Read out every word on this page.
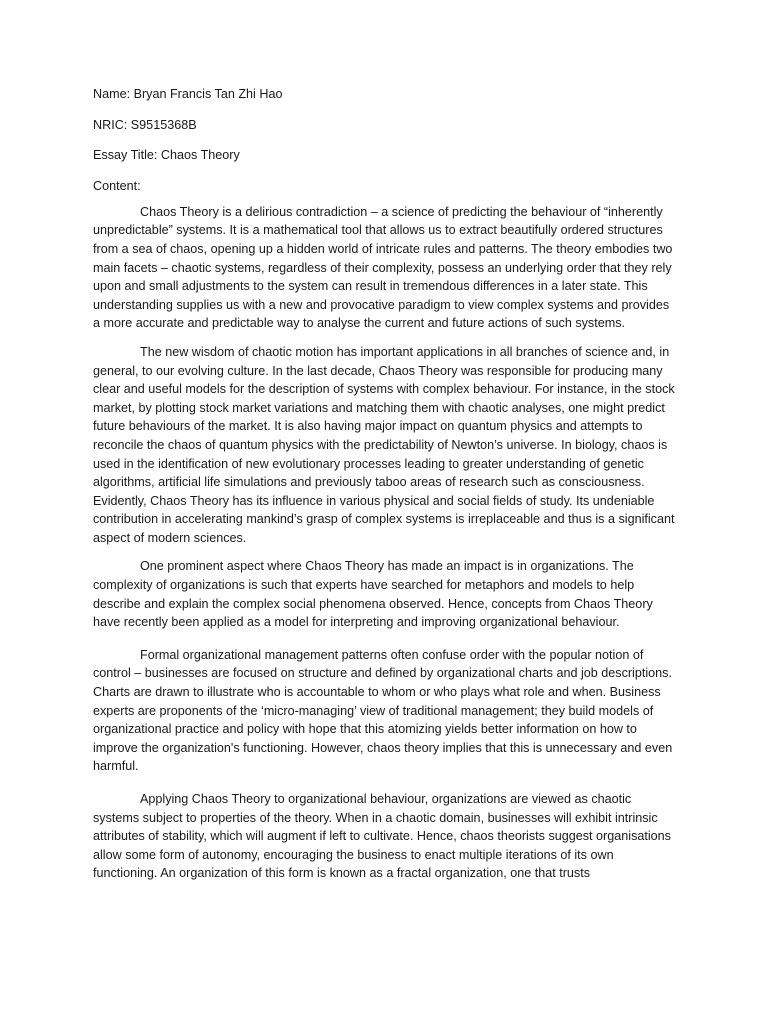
Name: Bryan Francis Tan Zhi Hao
NRIC: S9515368B
Essay Title: Chaos Theory
Content:

Chaos Theory is a delirious contradiction – a science of predicting the behaviour of “inherently unpredictable” systems. It is a mathematical tool that allows us to extract beautifully ordered structures from a sea of chaos, opening up a hidden world of intricate rules and patterns. The theory embodies two main facets – chaotic systems, regardless of their complexity, possess an underlying order that they rely upon and small adjustments to the system can result in tremendous differences in a later state. This understanding supplies us with a new and provocative paradigm to view complex systems and provides a more accurate and predictable way to analyse the current and future actions of such systems.

The new wisdom of chaotic motion has important applications in all branches of science and, in general, to our evolving culture. In the last decade, Chaos Theory was responsible for producing many clear and useful models for the description of systems with complex behaviour. For instance, in the stock market, by plotting stock market variations and matching them with chaotic analyses, one might predict future behaviours of the market. It is also having major impact on quantum physics and attempts to reconcile the chaos of quantum physics with the predictability of Newton’s universe. In biology, chaos is used in the identification of new evolutionary processes leading to greater understanding of genetic algorithms, artificial life simulations and previously taboo areas of research such as consciousness. Evidently, Chaos Theory has its influence in various physical and social fields of study. Its undeniable contribution in accelerating mankind’s grasp of complex systems is irreplaceable and thus is a significant aspect of modern sciences.

One prominent aspect where Chaos Theory has made an impact is in organizations. The complexity of organizations is such that experts have searched for metaphors and models to help describe and explain the complex social phenomena observed. Hence, concepts from Chaos Theory have recently been applied as a model for interpreting and improving organizational behaviour.

Formal organizational management patterns often confuse order with the popular notion of control – businesses are focused on structure and defined by organizational charts and job descriptions. Charts are drawn to illustrate who is accountable to whom or who plays what role and when. Business experts are proponents of the ‘micro-managing’ view of traditional management; they build models of organizational practice and policy with hope that this atomizing yields better information on how to improve the organization's functioning. However, chaos theory implies that this is unnecessary and even harmful.

Applying Chaos Theory to organizational behaviour, organizations are viewed as chaotic systems subject to properties of the theory. When in a chaotic domain, businesses will exhibit intrinsic attributes of stability, which will augment if left to cultivate. Hence, chaos theorists suggest organisations allow some form of autonomy, encouraging the business to enact multiple iterations of its own functioning. An organization of this form is known as a fractal organization, one that trusts
